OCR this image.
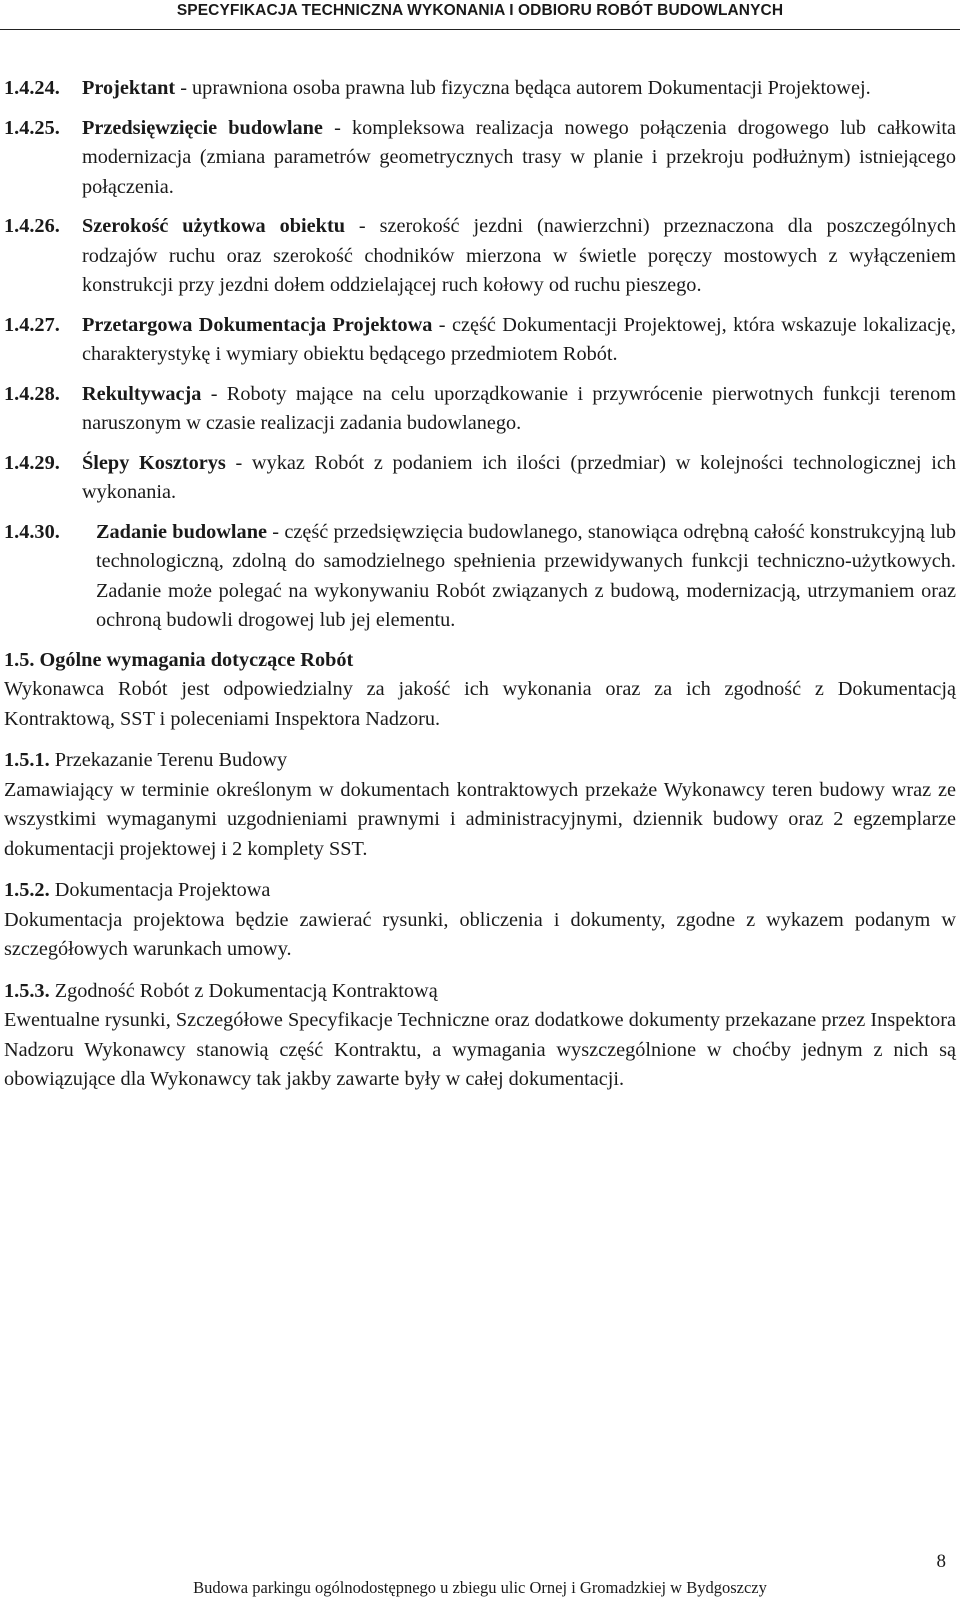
SPECYFIKACJA TECHNICZNA WYKONANIA I ODBIORU ROBÓT BUDOWLANYCH
1.4.24. Projektant - uprawniona osoba prawna lub fizyczna będąca autorem Dokumentacji Projektowej.
1.4.25. Przedsięwzięcie budowlane - kompleksowa realizacja nowego połączenia drogowego lub całkowita modernizacja (zmiana parametrów geometrycznych trasy w planie i przekroju podłużnym) istniejącego połączenia.
1.4.26. Szerokość użytkowa obiektu - szerokość jezdni (nawierzchni) przeznaczona dla poszczególnych rodzajów ruchu oraz szerokość chodników mierzona w świetle poręczy mostowych z wyłączeniem konstrukcji przy jezdni dołem oddzielającej ruch kołowy od ruchu pieszego.
1.4.27. Przetargowa Dokumentacja Projektowa - część Dokumentacji Projektowej, która wskazuje lokalizację, charakterystykę i wymiary obiektu będącego przedmiotem Robót.
1.4.28. Rekultywacja - Roboty mające na celu uporządkowanie i przywrócenie pierwotnych funkcji terenom naruszonym w czasie realizacji zadania budowlanego.
1.4.29. Ślepy Kosztorys - wykaz Robót z podaniem ich ilości (przedmiar) w kolejności technologicznej ich wykonania.
1.4.30. Zadanie budowlane - część przedsięwzięcia budowlanego, stanowiąca odrębną całość konstrukcyjną lub technologiczną, zdolną do samodzielnego spełnienia przewidywanych funkcji techniczno-użytkowych. Zadanie może polegać na wykonywaniu Robót związanych z budową, modernizacją, utrzymaniem oraz ochroną budowli drogowej lub jej elementu.

1.5. Ogólne wymagania dotyczące Robót

Wykonawca Robót jest odpowiedzialny za jakość ich wykonania oraz za ich zgodność z Dokumentacją Kontraktową, SST i poleceniami Inspektora Nadzoru.

1.5.1. Przekazanie Terenu Budowy

Zamawiający w terminie określonym w dokumentach kontraktowych przekaże Wykonawcy teren budowy wraz ze wszystkimi wymaganymi uzgodnieniami prawnymi i administracyjnymi, dziennik budowy oraz 2 egzemplarze dokumentacji projektowej i 2 komplety SST.

1.5.2. Dokumentacja Projektowa

Dokumentacja projektowa będzie zawierać rysunki, obliczenia i dokumenty, zgodne z wykazem podanym w szczegółowych warunkach umowy.

1.5.3. Zgodność Robót z Dokumentacją Kontraktową

Ewentualne rysunki, Szczegółowe Specyfikacje Techniczne oraz dodatkowe dokumenty przekazane przez Inspektora Nadzoru Wykonawcy stanowią część Kontraktu, a wymagania wyszczególnione w choćby jednym z nich są obowiązujące dla Wykonawcy tak jakby zawarte były w całej dokumentacji.

8
Budowa parkingu ogólnodostępnego u zbiegu ulic Ornej i Gromadzkiej w Bydgoszczy
